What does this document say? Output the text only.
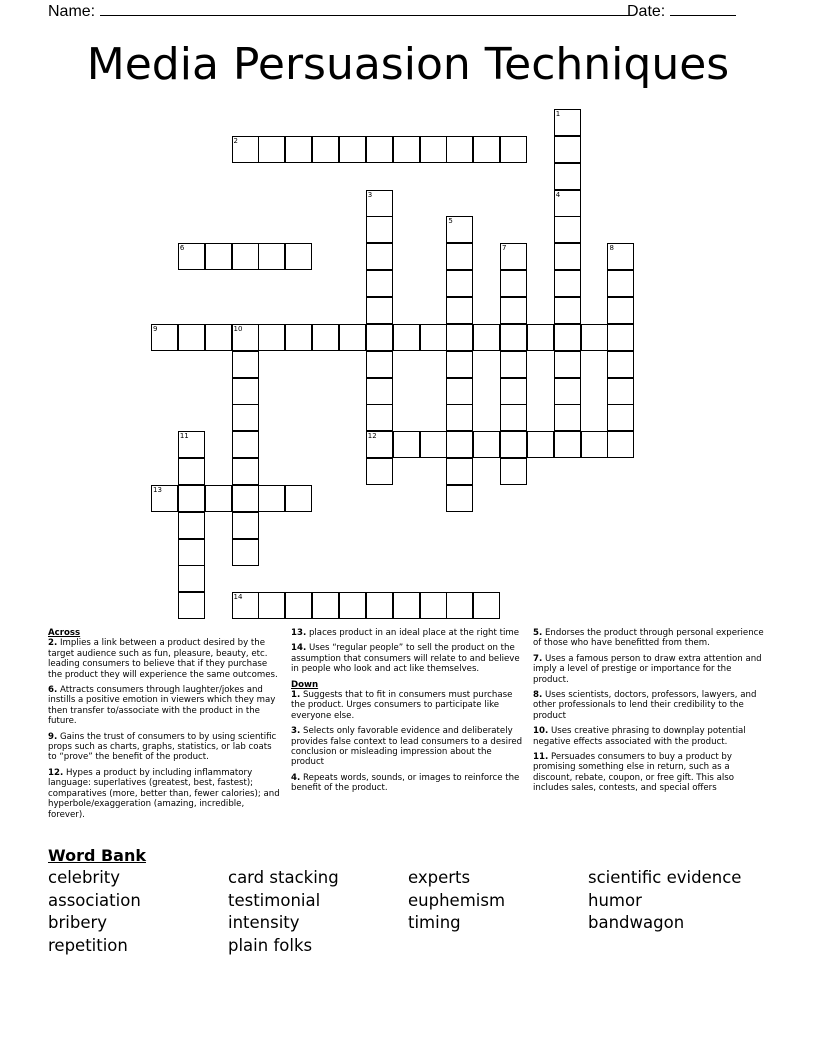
Name:	Date:
Media Persuasion Techniques
1
4
2
3
12
5
6	7	8
9	10
11
13
14

Across

2. Implies a link between a product desired by the target audience such as fun, pleasure, beauty, etc. leading consumers to believe that if they purchase the product they will experience the same outcomes.

6. Attracts consumers through laughter/jokes and instills a positive emotion in viewers which they may then transfer to/associate with the product in the future.

9. Gains the trust of consumers to by using scientific props such as charts, graphs, statistics, or lab coats to “prove” the benefit of the product.

12. Hypes a product by including inflammatory language: superlatives (greatest, best, fastest); comparatives (more, better than, fewer calories); and hyperbole/exaggeration (amazing, incredible, forever).

13. places product in an ideal place at the right time

14. Uses “regular people” to sell the product on the assumption that consumers will relate to and believe in people who look and act like themselves.

Down

1. Suggests that to fit in consumers must purchase the product. Urges consumers to participate like everyone else.

3. Selects only favorable evidence and deliberately provides false context to lead consumers to a desired conclusion or misleading impression about the product

4. Repeats words, sounds, or images to reinforce the benefit of the product.

5. Endorses the product through personal experience of those who have benefitted from them.

7. Uses a famous person to draw extra attention and imply a level of prestige or importance for the product.

8. Uses scientists, doctors, professors, lawyers, and other professionals to lend their credibility to the product

10. Uses creative phrasing to downplay potential negative effects associated with the product.

11. Persuades consumers to buy a product by promising something else in return, such as a discount, rebate, coupon, or free gift. This also includes sales, contests, and special offers

Word Bank
celebrity
association
bribery
repetition
card stacking
testimonial
intensity
plain folks
experts
euphemism
timing
scientific evidence
humor
bandwagon
